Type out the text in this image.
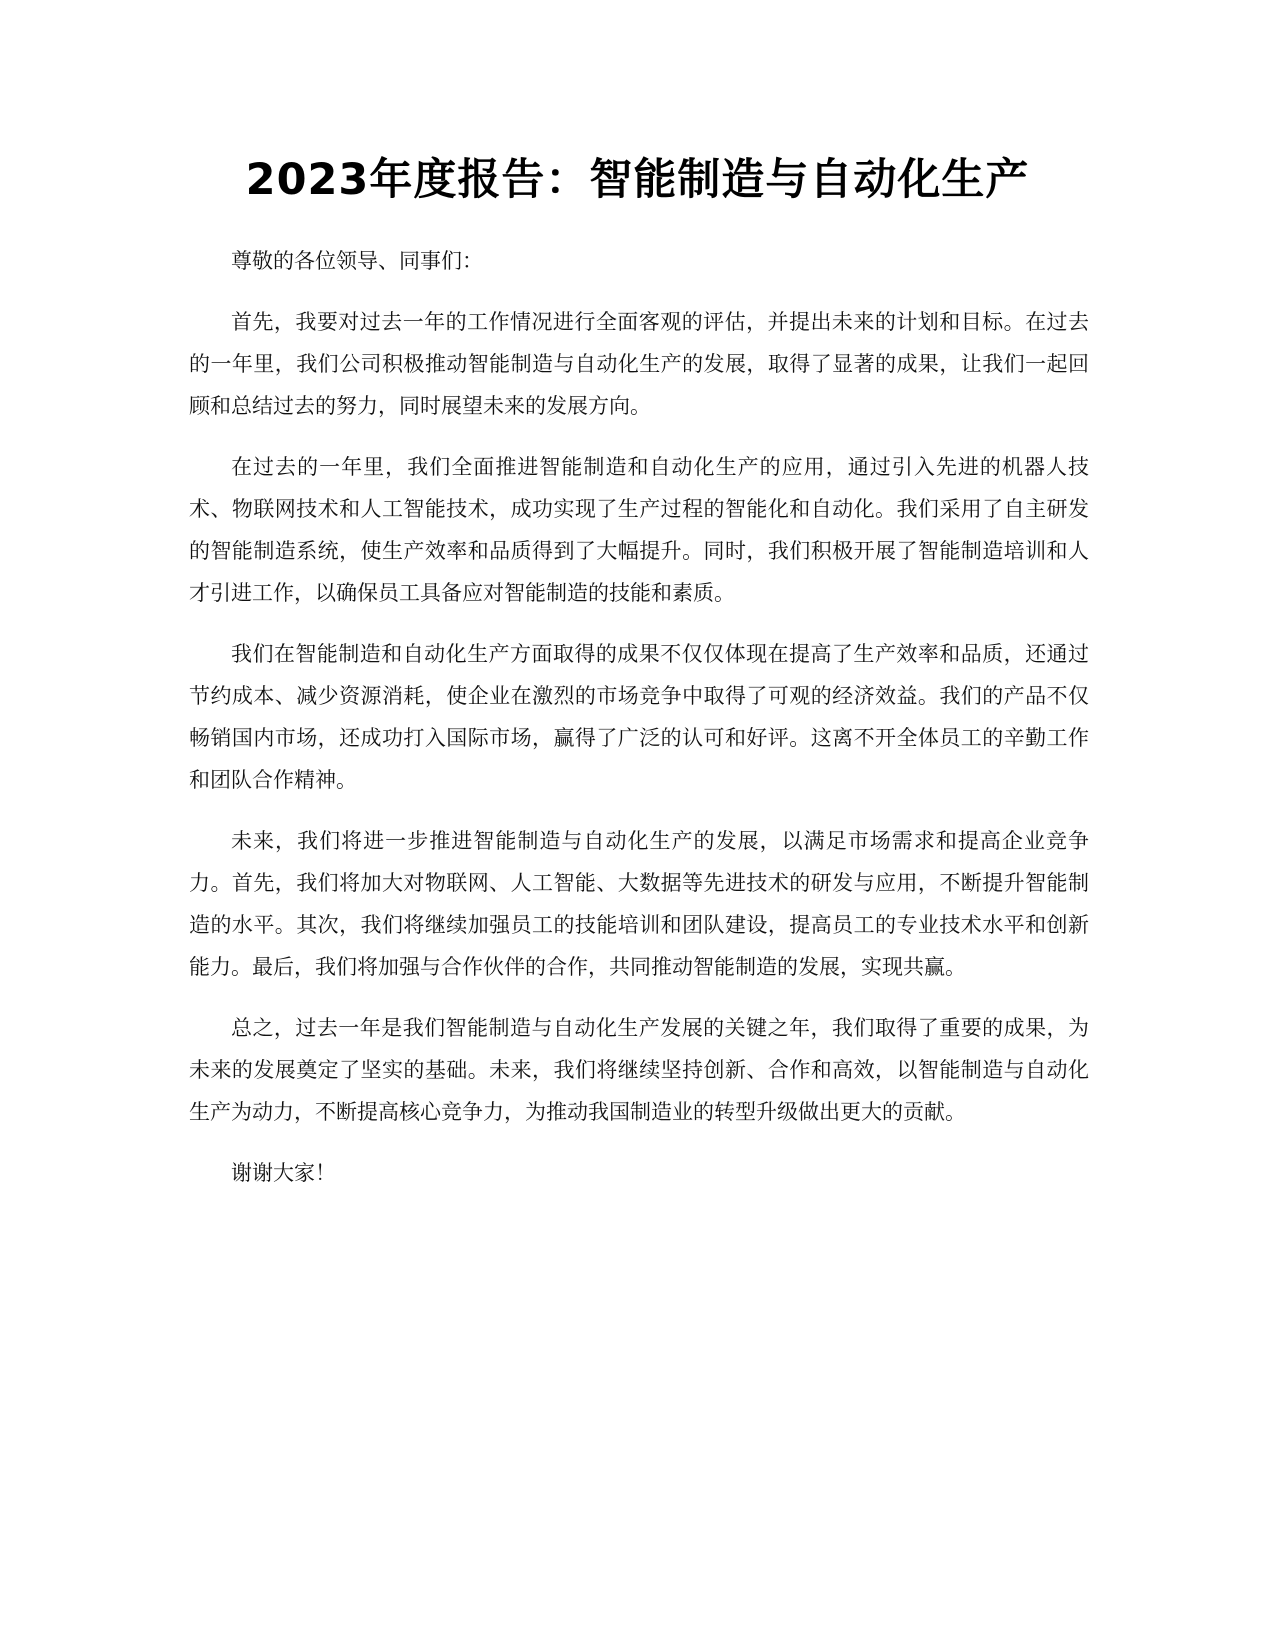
2023年度报告：智能制造与自动化生产

尊敬的各位领导、同事们：

首先，我要对过去一年的工作情况进行全面客观的评估，并提出未来的计划和目标。在过去的一年里，我们公司积极推动智能制造与自动化生产的发展，取得了显著的成果，让我们一起回顾和总结过去的努力，同时展望未来的发展方向。

在过去的一年里，我们全面推进智能制造和自动化生产的应用，通过引入先进的机器人技术、物联网技术和人工智能技术，成功实现了生产过程的智能化和自动化。我们采用了自主研发的智能制造系统，使生产效率和品质得到了大幅提升。同时，我们积极开展了智能制造培训和人才引进工作，以确保员工具备应对智能制造的技能和素质。

我们在智能制造和自动化生产方面取得的成果不仅仅体现在提高了生产效率和品质，还通过节约成本、减少资源消耗，使企业在激烈的市场竞争中取得了可观的经济效益。我们的产品不仅畅销国内市场，还成功打入国际市场，赢得了广泛的认可和好评。这离不开全体员工的辛勤工作和团队合作精神。

未来，我们将进一步推进智能制造与自动化生产的发展，以满足市场需求和提高企业竞争力。首先，我们将加大对物联网、人工智能、大数据等先进技术的研发与应用，不断提升智能制造的水平。其次，我们将继续加强员工的技能培训和团队建设，提高员工的专业技术水平和创新能力。最后，我们将加强与合作伙伴的合作，共同推动智能制造的发展，实现共赢。

总之，过去一年是我们智能制造与自动化生产发展的关键之年，我们取得了重要的成果，为未来的发展奠定了坚实的基础。未来，我们将继续坚持创新、合作和高效，以智能制造与自动化生产为动力，不断提高核心竞争力，为推动我国制造业的转型升级做出更大的贡献。

谢谢大家！
